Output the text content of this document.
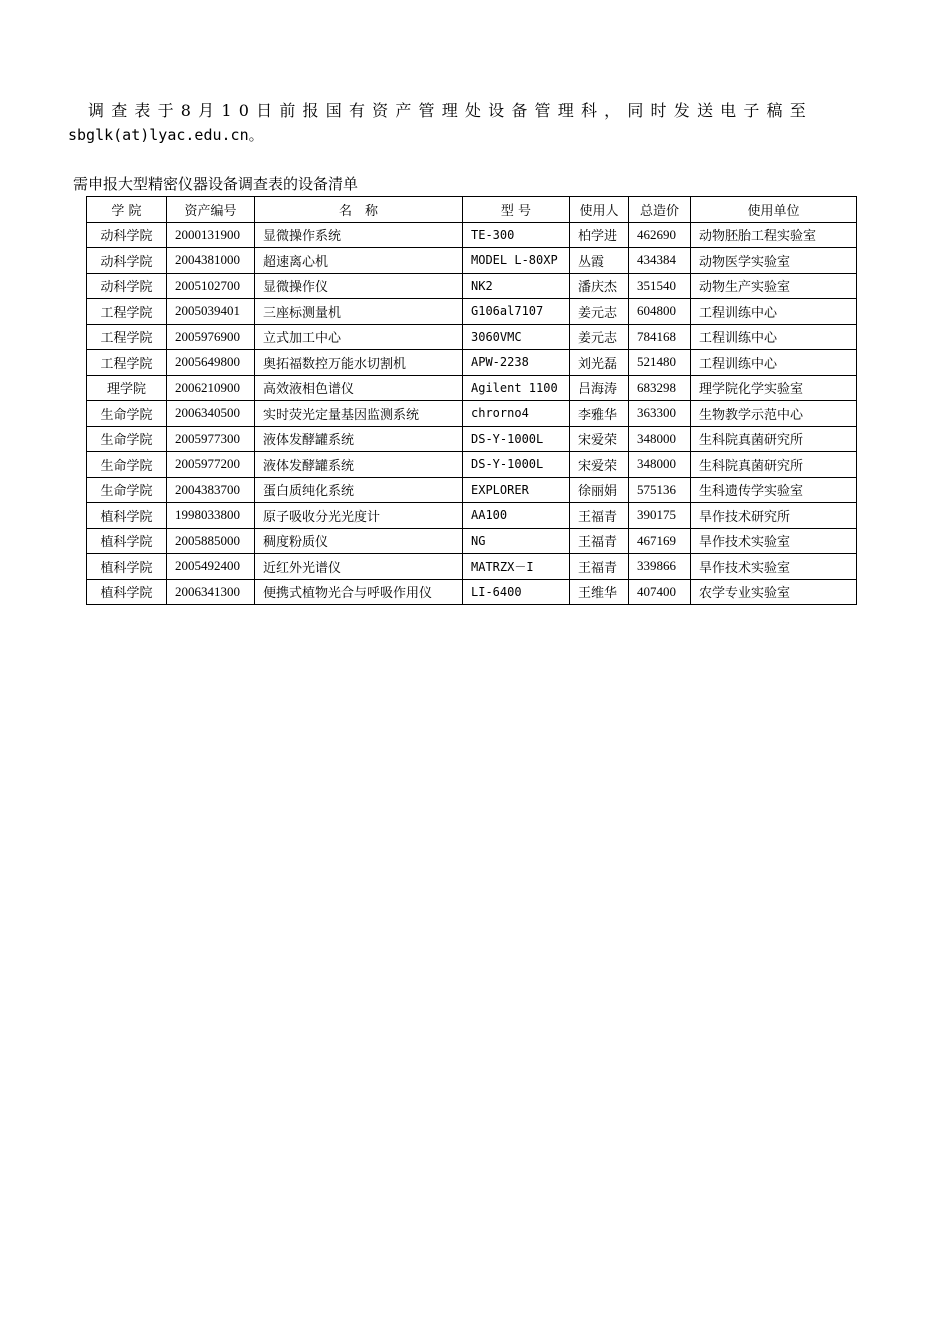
调查表于8月10日前报国有资产管理处设备管理科，同时发送电子稿至
sbglk(at)lyac.edu.cn。
需申报大型精密仪器设备调查表的设备清单
学 院	资产编号	名　称	型 号	使用人	总造价	使用单位
动科学院	2000131900	显微操作系统	TE-300	柏学进	462690	动物胚胎工程实验室
动科学院	2004381000	超速离心机	MODEL L-80XP	丛霞	434384	动物医学实验室
动科学院	2005102700	显微操作仪	NK2	潘庆杰	351540	动物生产实验室
工程学院	2005039401	三座标测量机	G106al7107	姜元志	604800	工程训练中心
工程学院	2005976900	立式加工中心	3060VMC	姜元志	784168	工程训练中心
工程学院	2005649800	奥拓福数控万能水切割机	APW-2238	刘光磊	521480	工程训练中心
理学院	2006210900	高效液相色谱仪	Agilent 1100	吕海涛	683298	理学院化学实验室
生命学院	2006340500	实时荧光定量基因监测系统	chrorno4	李雅华	363300	生物教学示范中心
生命学院	2005977300	液体发酵罐系统	DS-Y-1000L	宋爱荣	348000	生科院真菌研究所
生命学院	2005977200	液体发酵罐系统	DS-Y-1000L	宋爱荣	348000	生科院真菌研究所
生命学院	2004383700	蛋白质纯化系统	EXPLORER	徐丽娟	575136	生科遗传学实验室
植科学院	1998033800	原子吸收分光光度计	AA100	王福青	390175	旱作技术研究所
植科学院	2005885000	稠度粉质仪	NG	王福青	467169	旱作技术实验室
植科学院	2005492400	近红外光谱仪	MATRZX－I	王福青	339866	旱作技术实验室
植科学院	2006341300	便携式植物光合与呼吸作用仪	LI-6400	王维华	407400	农学专业实验室
